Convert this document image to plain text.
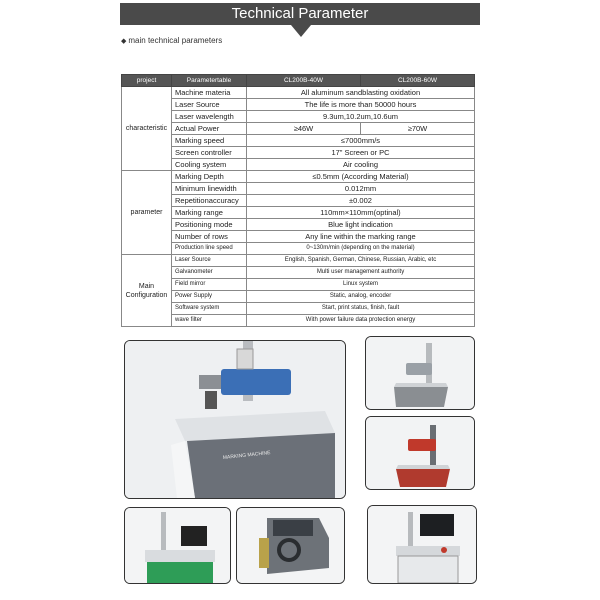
Technical Parameter
◆ main technical parameters
project	Parametertable	CL200B-40W	CL200B-60W
characteristic	Machine materia	All aluminum sandblasting oxidation	
	Laser Source	The life is more than 50000 hours	
	Laser wavelength	9.3um,10.2um,10.6um	
	Actual Power	≥46W	≥70W
	Marking speed	≤7000mm/s	
	Screen controller	17" Screen or PC	
	Cooling system	Air cooling	
parameter	Marking Depth	≤0.5mm (According Material)	
	Minimum linewidth	0.012mm	
	Repetitionaccuracy	±0.002	
	Marking range	110mm×110mm(optinal)	
	Positioning mode	Blue light indication	
	Number of rows	Any line within the marking range	
	Production line speed	0~130m/min (depending on the material)	
Main Configuration	Laser Source	English, Spanish, German, Chinese, Russian, Arabic, etc	
	Galvanometer	Multi user management authority	
	Field mirror	Linux system	
	Power Supply	Static, analog, encoder	
	Software system	Start, print status, finish, fault	
	wave filter	With power failure data protection energy	
MARKING MACHINE
